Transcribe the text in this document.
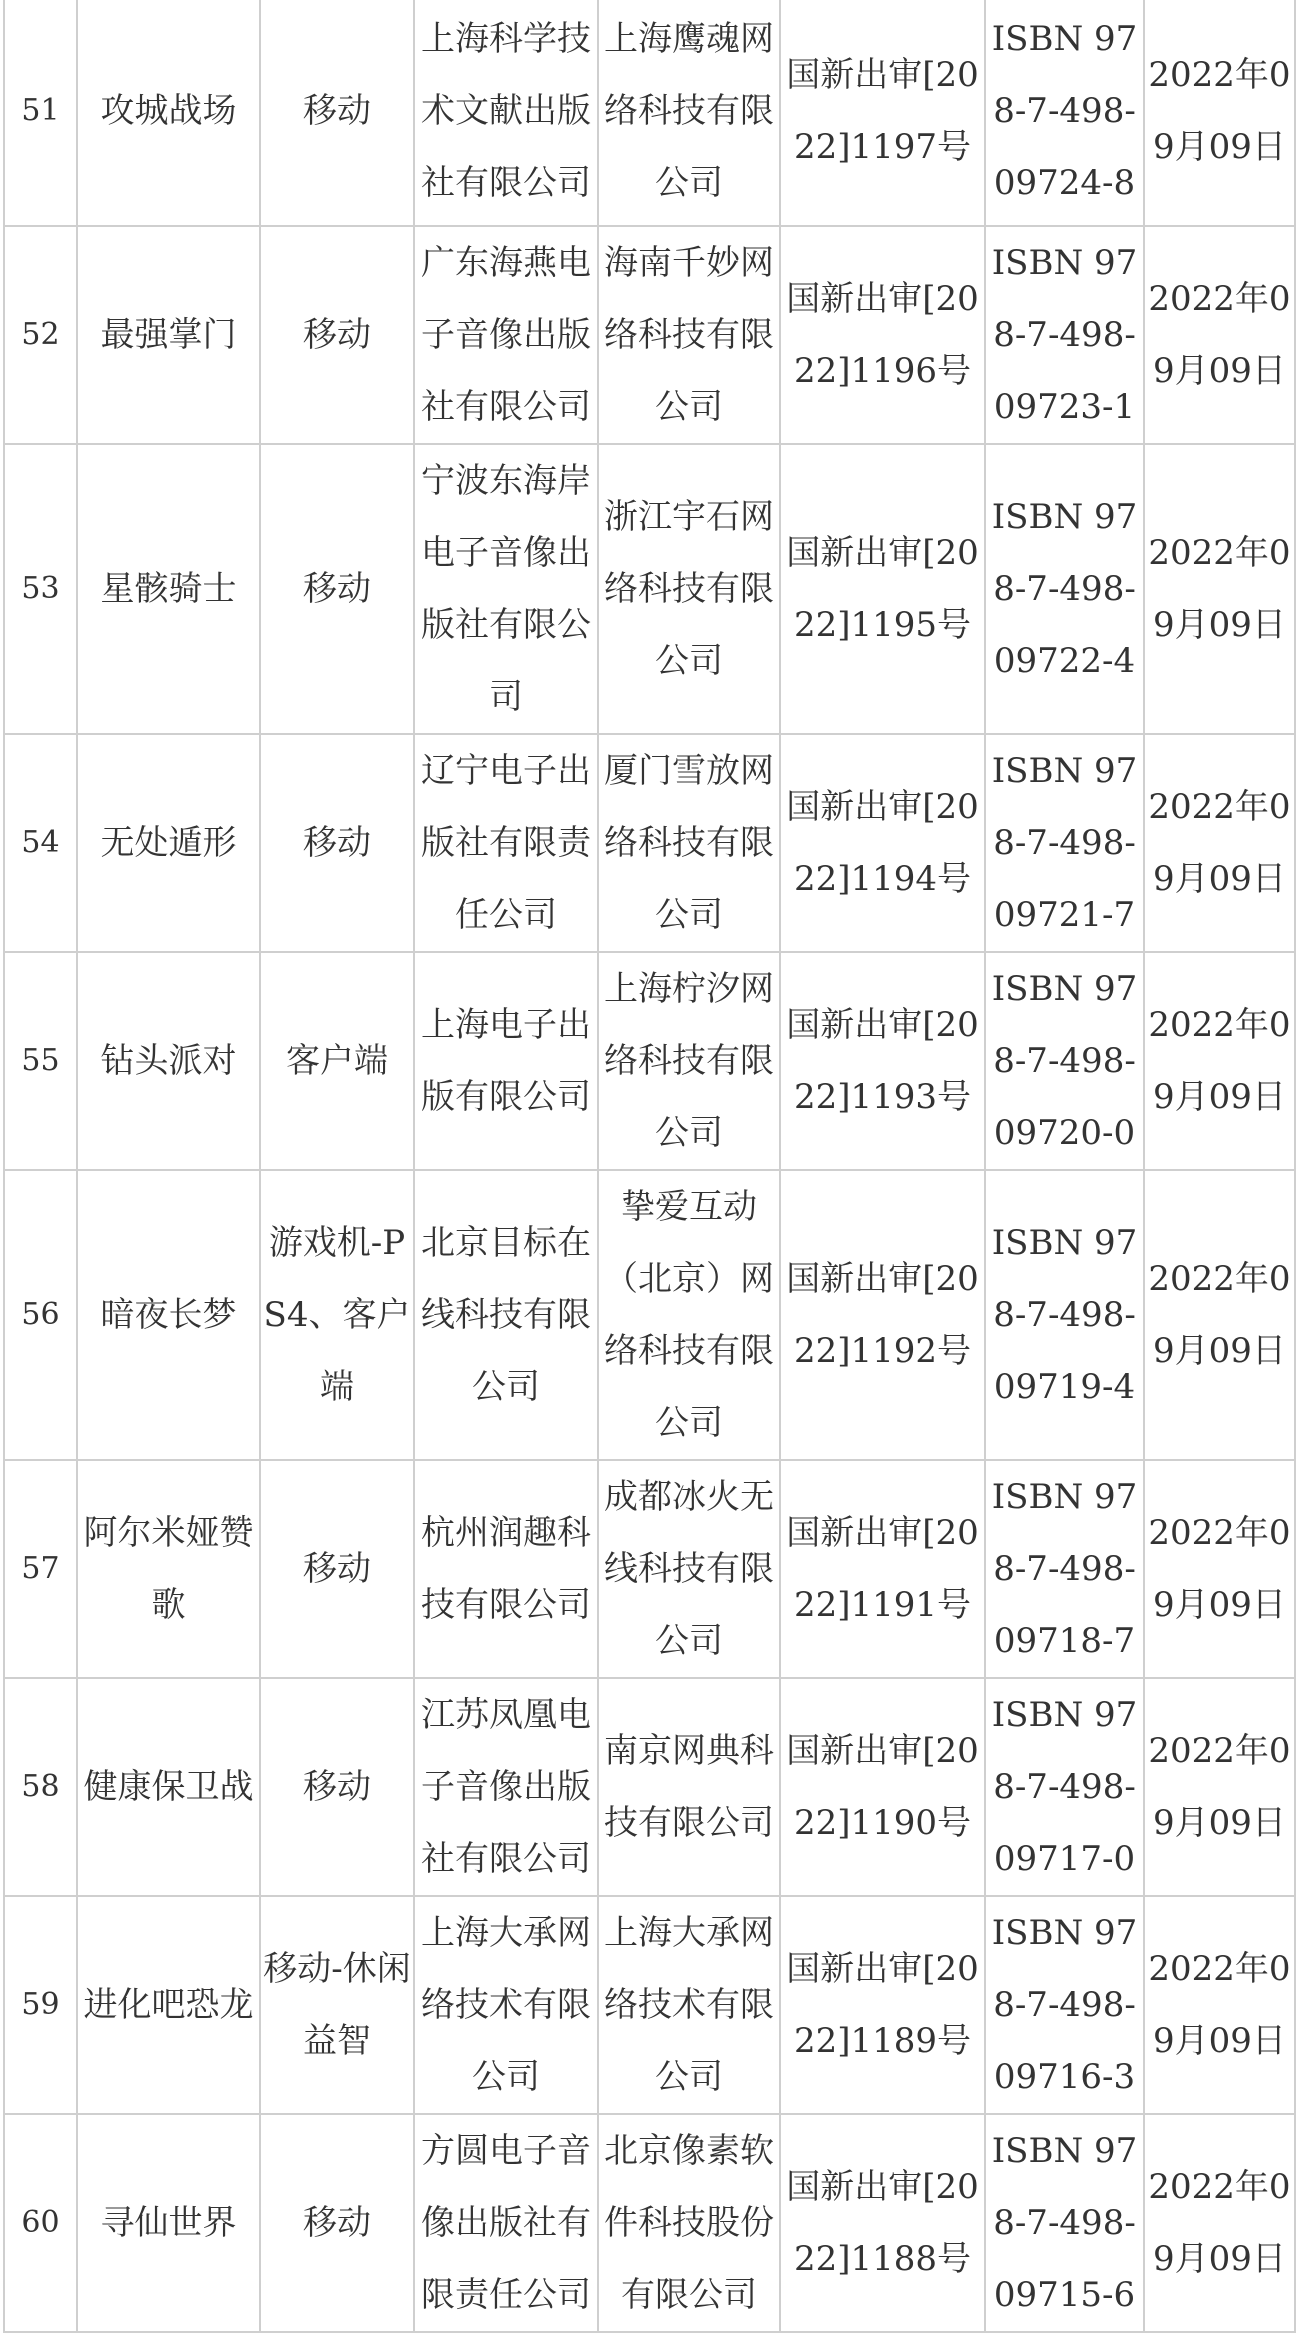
51	攻城战场	移动	上海科学技术文献出版社有限公司	上海鹰魂网络科技有限公司	国新出审[2022]1197号	ISBN 978-7-498-09724-8	2022年09月09日
52	最强掌门	移动	广东海燕电子音像出版社有限公司	海南千妙网络科技有限公司	国新出审[2022]1196号	ISBN 978-7-498-09723-1	2022年09月09日
53	星骸骑士	移动	宁波东海岸电子音像出版社有限公司	浙江宇石网络科技有限公司	国新出审[2022]1195号	ISBN 978-7-498-09722-4	2022年09月09日
54	无处遁形	移动	辽宁电子出版社有限责任公司	厦门雪放网络科技有限公司	国新出审[2022]1194号	ISBN 978-7-498-09721-7	2022年09月09日
55	钻头派对	客户端	上海电子出版有限公司	上海柠汐网络科技有限公司	国新出审[2022]1193号	ISBN 978-7-498-09720-0	2022年09月09日
56	暗夜长梦	游戏机-PS4、客户端	北京目标在线科技有限公司	挚爱互动（北京）网络科技有限公司	国新出审[2022]1192号	ISBN 978-7-498-09719-4	2022年09月09日
57	阿尔米娅赞歌	移动	杭州润趣科技有限公司	成都冰火无线科技有限公司	国新出审[2022]1191号	ISBN 978-7-498-09718-7	2022年09月09日
58	健康保卫战	移动	江苏凤凰电子音像出版社有限公司	南京网典科技有限公司	国新出审[2022]1190号	ISBN 978-7-498-09717-0	2022年09月09日
59	进化吧恐龙	移动-休闲益智	上海大承网络技术有限公司	上海大承网络技术有限公司	国新出审[2022]1189号	ISBN 978-7-498-09716-3	2022年09月09日
60	寻仙世界	移动	方圆电子音像出版社有限责任公司	北京像素软件科技股份有限公司	国新出审[2022]1188号	ISBN 978-7-498-09715-6	2022年09月09日
